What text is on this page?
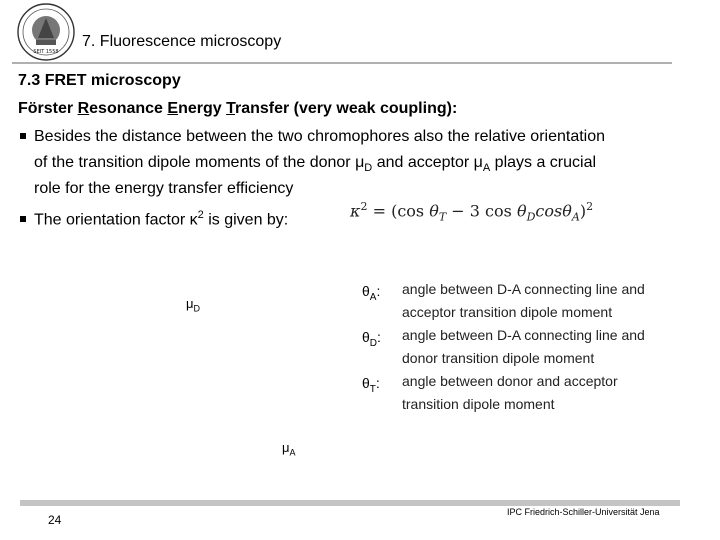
SEIT 1558
7. Fluorescence microscopy
7.3 FRET microscopy
Förster Resonance Energy Transfer (very weak coupling):
Besides the distance between the two chromophores also the relative orientation
of the transition dipole moments of the donor $\mu_D$ and acceptor $\mu_A$ plays a crucial
role for the energy transfer efficiency
The orientation factor $\kappa^2$ is given by:	$\kappa^2 = (\cos$ $\theta_T - 3$ $\cos \theta_D\cos\theta_A)^2$
$\mu_D$
$\mu_A$
$\theta_A$: angle between D-A connecting line and
acceptor transition dipole moment
$\theta_D$: angle between D-A connecting line and
donor transition dipole moment
$\theta_T$: angle between donor and acceptor
transition dipole moment
24
IPC Friedrich-Schiller-Universität Jena
